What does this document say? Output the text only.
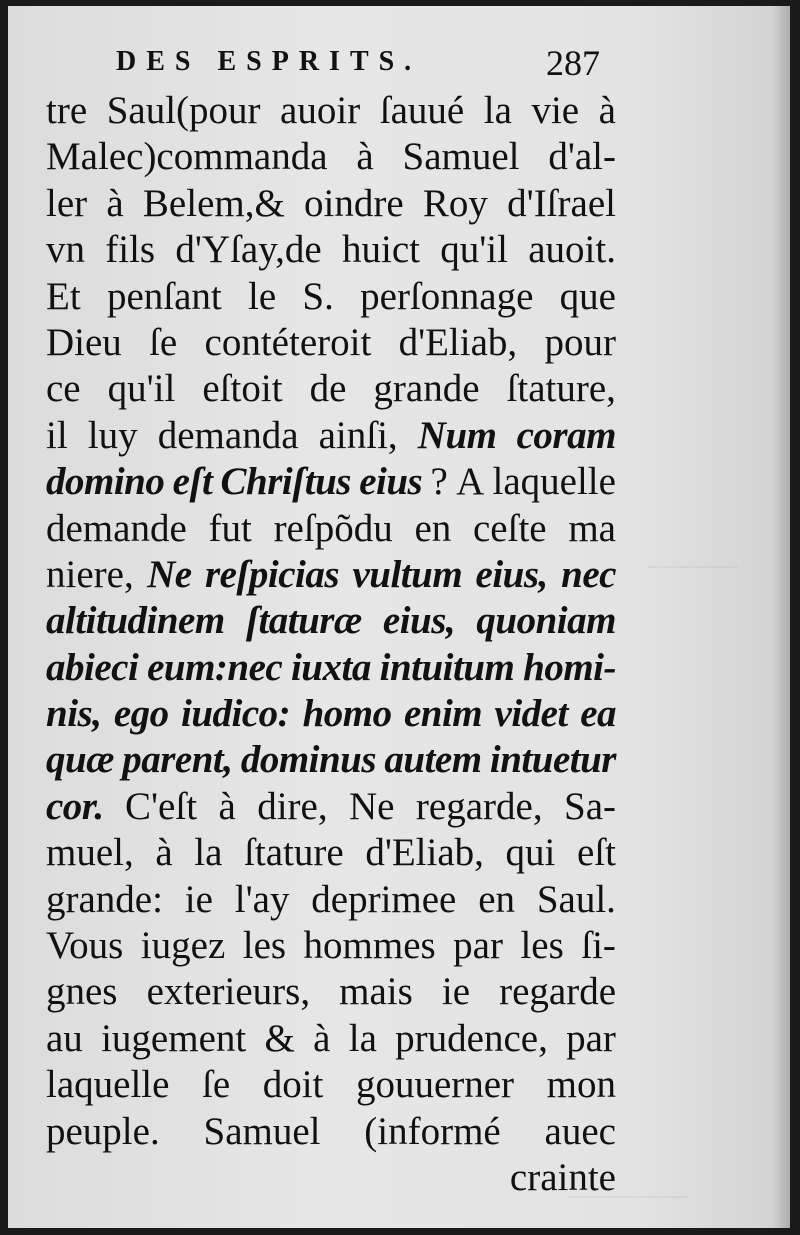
DES ESPRITS.	287
tre Saul(pour auoir ſauué la vie à
Malec)commanda à Samuel d'al-
ler à Belem,& oindre Roy d'Iſrael
vn fils d'Yſay,de huict qu'il auoit.
Et penſant le S. perſonnage que
Dieu ſe contéteroit d'Eliab, pour
ce qu'il eſtoit de grande ſtature,
il luy demanda ainſi, Num coram
domino eſt Chriſtus eius ? A laquelle
demande fut reſpõdu en ceſte ma
niere, Ne reſpicias vultum eius, nec
altitudinem ſtaturæ eius, quoniam
abieci eum:nec iuxta intuitum homi-
nis, ego iudico: homo enim videt ea
quæ parent, dominus autem intuetur
cor. C'eſt à dire, Ne regarde, Sa-
muel, à la ſtature d'Eliab, qui eſt
grande: ie l'ay deprimee en Saul.
Vous iugez les hommes par les ſi-
gnes exterieurs, mais ie regarde
au iugement & à la prudence, par
laquelle ſe doit gouuerner mon
peuple. Samuel (informé auec
crainte
